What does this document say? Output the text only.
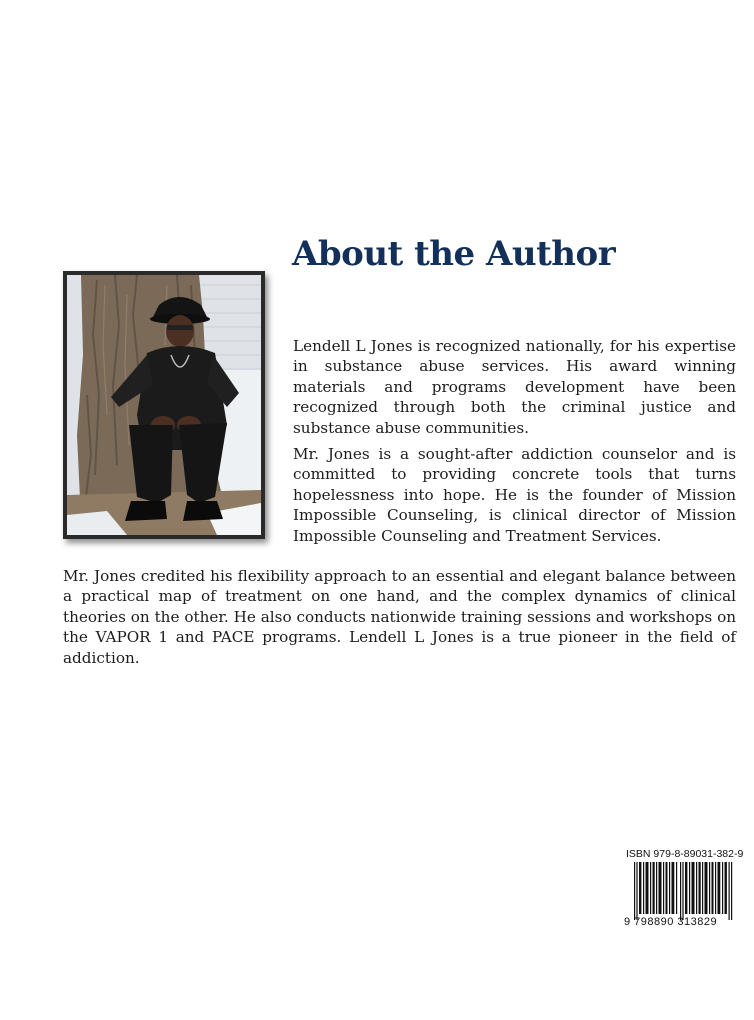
About the Author

Lendell L Jones is recognized nationally, for his expertise in substance abuse services. His award winning materials and programs development have been recognized through both the criminal justice and substance abuse communities.

Mr. Jones is a sought-after addiction counselor and is committed to providing concrete tools that turns hopelessness into hope. He is the founder of Mission Impossible Counseling, is clinical director of Mission Impossible Counseling and Treatment Services.

Mr. Jones credited his flexibility approach to an essential and elegant balance between a practical map of treatment on one hand, and the complex dynamics of clinical theories on the other. He also conducts nationwide training sessions and workshops on the VAPOR 1 and PACE programs. Lendell L Jones is a true pioneer in the field of addiction.

ISBN 979-8-89031-382-9

9 798890 313829
